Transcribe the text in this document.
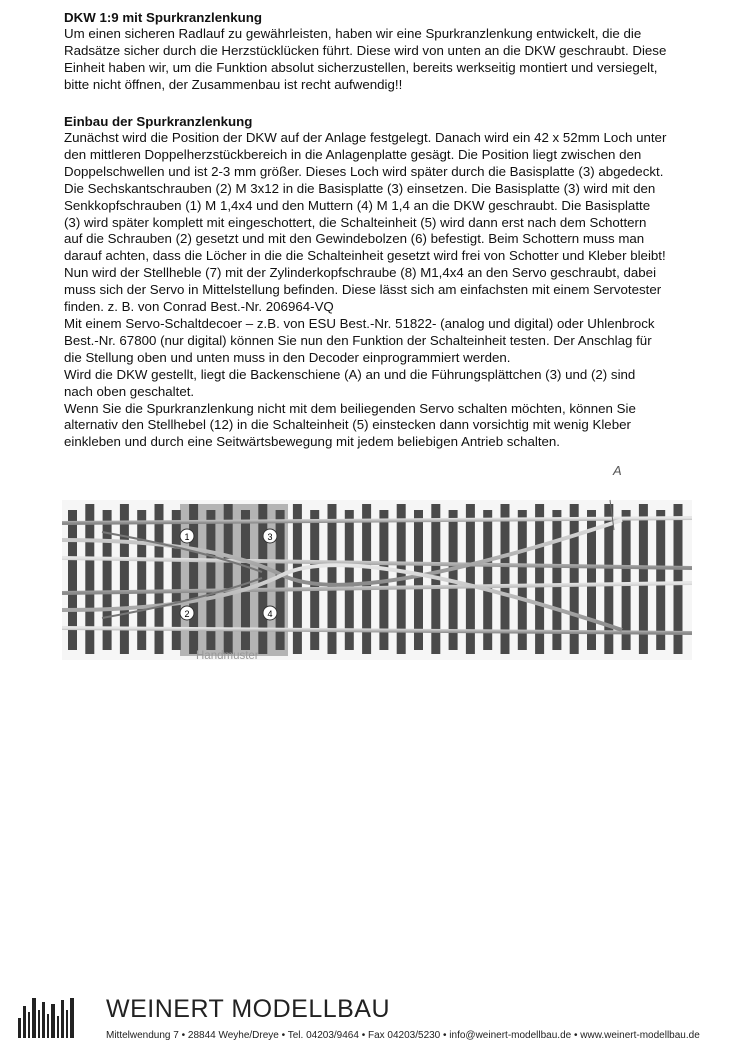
DKW 1:9 mit Spurkranzlenkung

Um einen sicheren Radlauf zu gewährleisten, haben wir eine Spurkranzlenkung entwickelt, die die

Radsätze sicher durch die Herzstücklücken führt. Diese wird von unten an die DKW geschraubt. Diese

Einheit haben wir, um die Funktion absolut sicherzustellen, bereits werkseitig montiert und versiegelt,

bitte nicht öffnen, der Zusammenbau ist recht aufwendig!!

Einbau der Spurkranzlenkung

Zunächst wird die Position der DKW auf der Anlage festgelegt. Danach wird ein 42 x 52mm Loch unter

den mittleren Doppelherzstückbereich in die Anlagenplatte gesägt. Die Position liegt zwischen den

Doppelschwellen und ist 2-3 mm größer. Dieses Loch wird später durch die Basisplatte (3) abgedeckt.

Die Sechskantschrauben (2) M 3x12 in die Basisplatte (3) einsetzen. Die Basisplatte (3) wird mit den

Senkkopfschrauben (1) M 1,4x4 und den Muttern (4) M 1,4 an die DKW geschraubt. Die Basisplatte

(3) wird später komplett mit eingeschottert, die Schalteinheit (5) wird dann erst nach dem Schottern

auf die Schrauben (2) gesetzt und mit den Gewindebolzen (6) befestigt. Beim Schottern muss man

darauf achten, dass die Löcher in die die Schalteinheit gesetzt wird frei von Schotter und Kleber bleibt!

Nun wird der Stellheble (7) mit der Zylinderkopfschraube (8) M1,4x4 an den Servo geschraubt, dabei

muss sich der Servo in Mittelstellung befinden. Diese lässt sich am einfachsten mit einem Servotester

finden. z. B. von Conrad Best.-Nr. 206964-VQ

Mit einem Servo-Schaltdecoer – z.B. von ESU Best.-Nr. 51822- (analog und digital) oder Uhlenbrock

Best.-Nr. 67800 (nur digital) können Sie nun den Funktion der Schalteinheit testen. Der Anschlag für

die Stellung oben und unten muss in den Decoder einprogrammiert werden.

Wird die DKW gestellt, liegt die Backenschiene (A) an und die Führungsplättchen (3) und (2) sind

nach oben geschaltet.

Wenn Sie die Spurkranzlenkung nicht mit dem beiliegenden Servo schalten möchten, können Sie

alternativ den Stellhebel (12) in die Schalteinheit (5) einstecken dann vorsichtig mit wenig Kleber

einkleben und durch eine Seitwärtsbewegung mit jedem beliebigen Antrieb schalten.

1
2
3
4
Handmuster
A
WEINERT MODELLBAU
Mittelwendung 7 • 28844 Weyhe/Dreye • Tel. 04203/9464 • Fax 04203/5230 • info@weinert-modellbau.de • www.weinert-modellbau.de
